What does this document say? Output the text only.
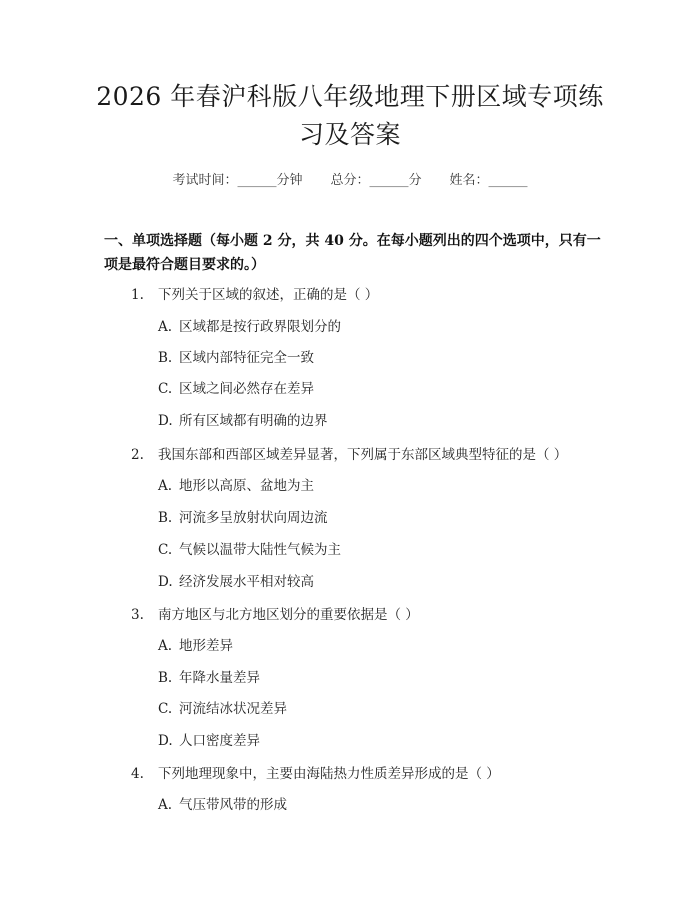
2026 年春沪科版八年级地理下册区域专项练
习及答案
考试时间：______分钟 总分：______分 姓名：______
一、单项选择题（每小题 2 分，共 40 分。在每小题列出的四个选项中，只有一项是最符合题目要求的。）
1. 下列关于区域的叙述，正确的是（ ）
A. 区域都是按行政界限划分的
B. 区域内部特征完全一致
C. 区域之间必然存在差异
D. 所有区域都有明确的边界
2. 我国东部和西部区域差异显著，下列属于东部区域典型特征的是（ ）
A. 地形以高原、盆地为主
B. 河流多呈放射状向周边流
C. 气候以温带大陆性气候为主
D. 经济发展水平相对较高
3. 南方地区与北方地区划分的重要依据是（ ）
A. 地形差异
B. 年降水量差异
C. 河流结冰状况差异
D. 人口密度差异
4. 下列地理现象中，主要由海陆热力性质差异形成的是（ ）
A. 气压带风带的形成
